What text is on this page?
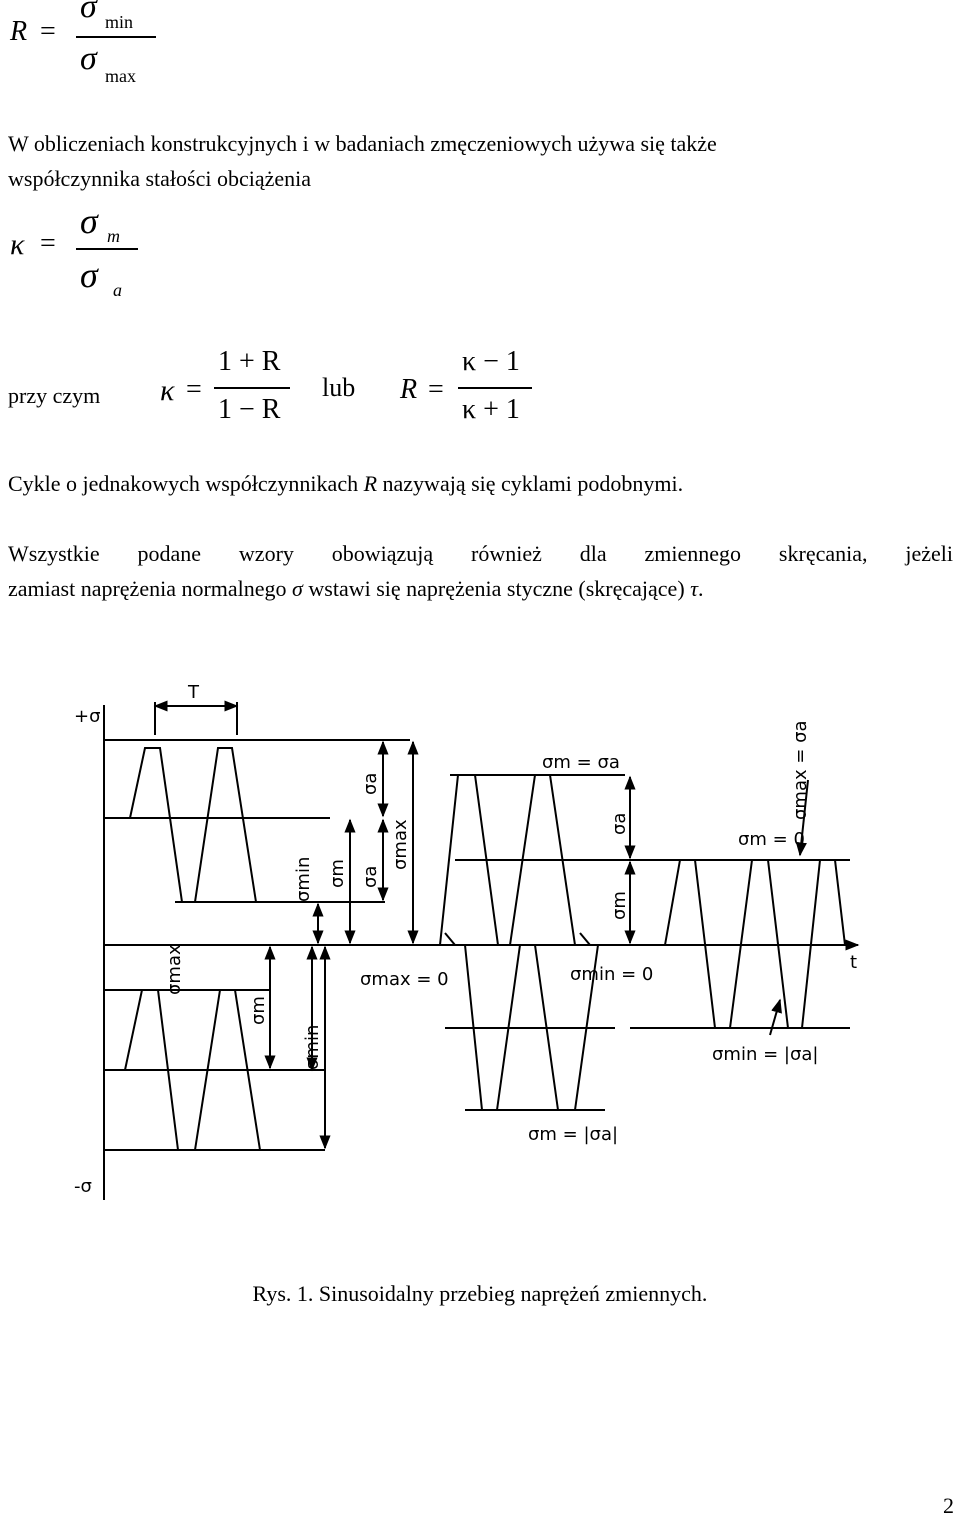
R =
σ min
σ max
W obliczeniach konstrukcyjnych i w badaniach zmęczeniowych używa się także
współczynnika stałości obciążenia
κ =
σ m
σ a
przy czym κ =
1 + R
1 − R
lub R =
κ − 1
κ + 1
Cykle o jednakowych współczynnikach R nazywają się cyklami podobnymi.
Wszystkie podane wzory obowiązują również dla zmiennego skręcania, jeżeli
zamiast naprężenia normalnego σ wstawi się naprężenia styczne (skręcające) τ.
+σ
-σ
T
t
σa
σmax
σmin σm σa
σmax
σm
σmin
σm = σa
σa
σm
σmax = 0	σmin = 0
σm = 0
σmax = σa
σmin = |σa|
σm = |σa|
Rys. 1. Sinusoidalny przebieg naprężeń zmiennych.
2
